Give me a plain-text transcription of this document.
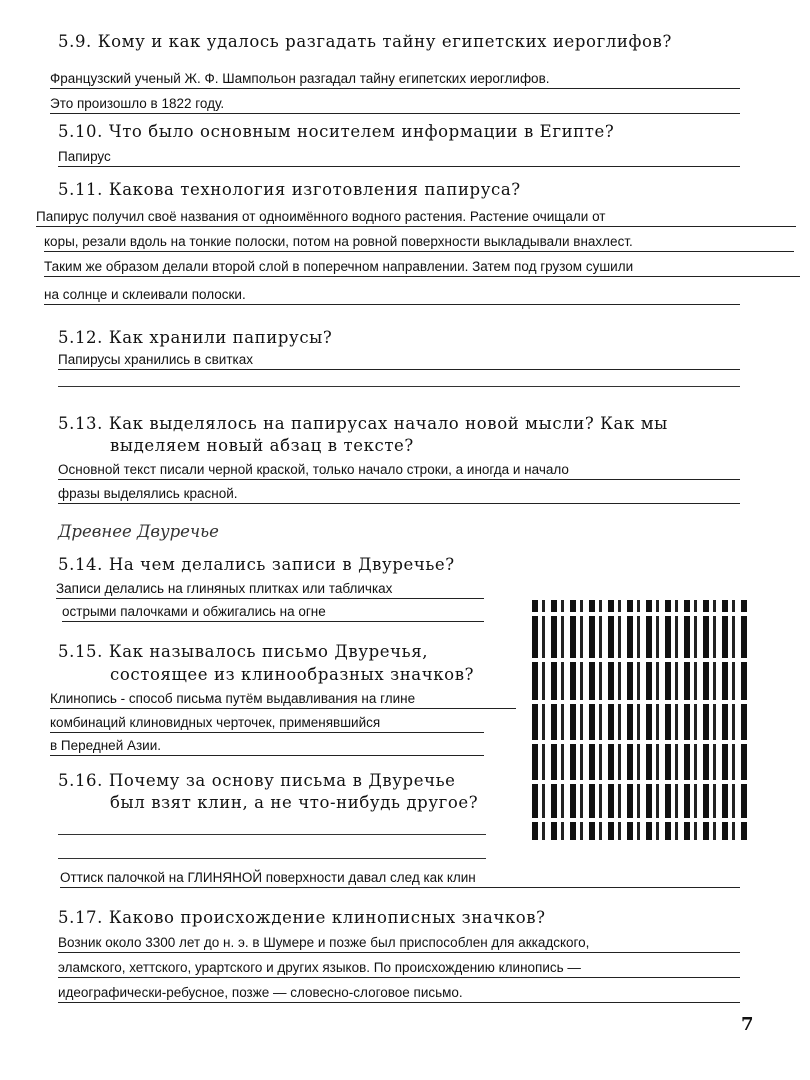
5.9. Кому и как удалось разгадать тайну египетских иероглифов?
Французский ученый Ж. Ф. Шампольон разгадал тайну египетских иероглифов.
Это произошло в 1822 году.
5.10. Что было основным носителем информации в Египте?
Папирус
5.11. Какова технология изготовления папируса?
Папирус получил своё названия от одноимённого водного растения. Растение очищали от
коры, резали вдоль на тонкие полоски, потом на ровной поверхности выкладывали внахлест.
Таким же образом делали второй слой в поперечном направлении. Затем под грузом сушили
на солнце и склеивали полоски.
5.12. Как хранили папирусы?
Папирусы хранились в свитках
5.13. Как выделялось на папирусах начало новой мысли? Как мы
выделяем новый абзац в тексте?
Основной текст писали черной краской, только начало строки, а иногда и начало
фразы выделялись красной.
Древнее Двуречье
5.14. На чем делались записи в Двуречье?
Записи делались на глиняных плитках или табличках
острыми палочками и обжигались на огне
5.15. Как называлось письмо Двуречья,
состоящее из клинообразных значков?
Клинопись - способ письма путём выдавливания на глине
комбинаций клиновидных черточек, применявшийся
в Передней Азии.
5.16. Почему за основу письма в Двуречье
был взят клин, а не что-нибудь другое?
Оттиск палочкой на ГЛИНЯНОЙ поверхности давал след как клин
5.17. Каково происхождение клинописных значков?
Возник около 3300 лет до н. э. в Шумере и позже был приспособлен для аккадского,
эламского, хеттского, урартского и других языков. По происхождению клинопись —
идеографически-ребусное, позже — словесно-слоговое письмо.
7
